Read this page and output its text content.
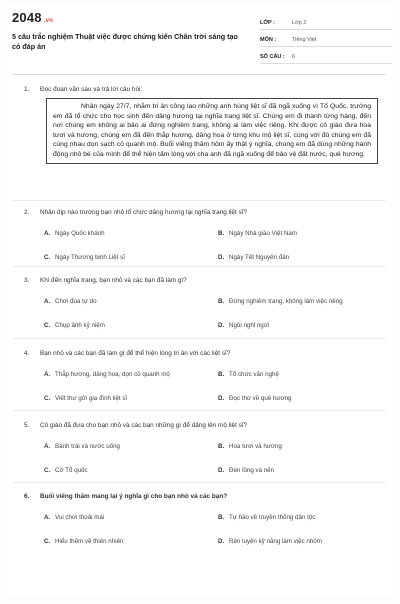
2048 .vn
5 câu trắc nghiệm Thuật việc được chứng kiến Chân trời sáng tạo có đáp án
LỚP :	Lớp 2
MÔN :	Tiếng Việt
SỐ CÂU :	6
1.	Đọc đoạn văn sau và trả lời câu hỏi:
Nhân ngày 27/7, nhằm tri ân công lao những anh hùng liệt sĩ đã ngã xuống vì Tổ Quốc, trường em đã tổ chức cho học sinh đến dâng hương tại nghĩa trang liệt sĩ. Chúng em đi thành từng hàng, đến nơi chúng em không ai bảo ai đứng nghiêm trang, không ai làm việc riêng. Khi được cô giáo đưa hoa tươi và hương, chúng em đã đến thắp hương, dâng hoa ở từng khu mộ liệt sĩ, cùng với đó chúng em đã cùng nhau dọn sạch cỏ quanh mộ. Buổi viếng thăm hôm ấy thật ý nghĩa, chúng em đã dùng những hành động nhỏ bé của mình để thể hiện tấm lòng với cha anh đã ngã xuống để bảo vệ đất nước, quê hương.
2.	Nhân dịp nào trường bạn nhỏ tổ chức dâng hương tại nghĩa trang liệt sĩ?
A. Ngày Quốc khánh	B. Ngày Nhà giáo Việt Nam
C. Ngày Thương binh Liệt sĩ	D. Ngày Tết Nguyên đán
3.	Khi đến nghĩa trang, bạn nhỏ và các bạn đã làm gì?
A. Chơi đùa tự do	B. Đứng nghiêm trang, không làm việc riêng
C. Chụp ảnh kỷ niệm	D. Ngồi nghỉ ngơi
4.	Bạn nhỏ và các bạn đã làm gì để thể hiện lòng tri ân với các liệt sĩ?
A. Thắp hương, dâng hoa, dọn cỏ quanh mộ	B. Tổ chức văn nghệ
C. Viết thư gửi gia đình liệt sĩ	D. Đọc thơ về quê hương
5.	Cô giáo đã đưa cho bạn nhỏ và các bạn những gì để dâng lên mộ liệt sĩ?
A. Bánh trái và nước uống	B. Hoa tươi và hương
C. Cờ Tổ quốc	D. Đèn lồng và nến
6.	Buổi viếng thăm mang lại ý nghĩa gì cho bạn nhỏ và các bạn?
A. Vui chơi thoải mái	B. Tự hào về truyền thống dân tộc
C. Hiểu thêm về thiên nhiên	D. Rèn luyện kỹ năng làm việc nhóm
